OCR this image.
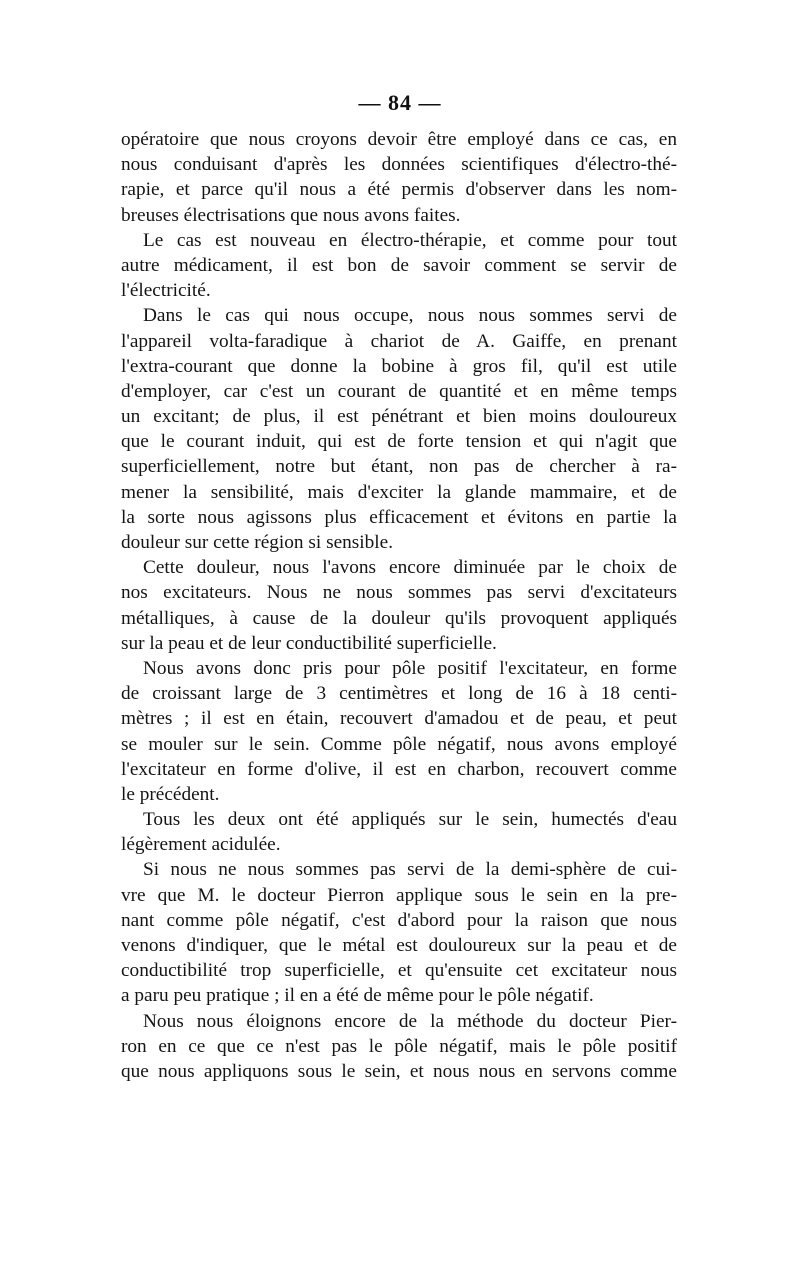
— 84 —
opératoire que nous croyons devoir être employé dans ce cas, en
nous conduisant d'après les données scientifiques d'électro-thé-
rapie, et parce qu'il nous a été permis d'observer dans les nom-
breuses électrisations que nous avons faites.
Le cas est nouveau en électro-thérapie, et comme pour tout
autre médicament, il est bon de savoir comment se servir de
l'électricité.
Dans le cas qui nous occupe, nous nous sommes servi de
l'appareil volta-faradique à chariot de A. Gaiffe, en prenant
l'extra-courant que donne la bobine à gros fil, qu'il est utile
d'employer, car c'est un courant de quantité et en même temps
un excitant; de plus, il est pénétrant et bien moins douloureux
que le courant induit, qui est de forte tension et qui n'agit que
superficiellement, notre but étant, non pas de chercher à ra-
mener la sensibilité, mais d'exciter la glande mammaire, et de
la sorte nous agissons plus efficacement et évitons en partie la
douleur sur cette région si sensible.
Cette douleur, nous l'avons encore diminuée par le choix de
nos excitateurs. Nous ne nous sommes pas servi d'excitateurs
métalliques, à cause de la douleur qu'ils provoquent appliqués
sur la peau et de leur conductibilité superficielle.
Nous avons donc pris pour pôle positif l'excitateur, en forme
de croissant large de 3 centimètres et long de 16 à 18 centi-
mètres ; il est en étain, recouvert d'amadou et de peau, et peut
se mouler sur le sein. Comme pôle négatif, nous avons employé
l'excitateur en forme d'olive, il est en charbon, recouvert comme
le précédent.
Tous les deux ont été appliqués sur le sein, humectés d'eau
légèrement acidulée.
Si nous ne nous sommes pas servi de la demi-sphère de cui-
vre que M. le docteur Pierron applique sous le sein en la pre-
nant comme pôle négatif, c'est d'abord pour la raison que nous
venons d'indiquer, que le métal est douloureux sur la peau et de
conductibilité trop superficielle, et qu'ensuite cet excitateur nous
a paru peu pratique ; il en a été de même pour le pôle négatif.
Nous nous éloignons encore de la méthode du docteur Pier-
ron en ce que ce n'est pas le pôle négatif, mais le pôle positif
que nous appliquons sous le sein, et nous nous en servons comme
